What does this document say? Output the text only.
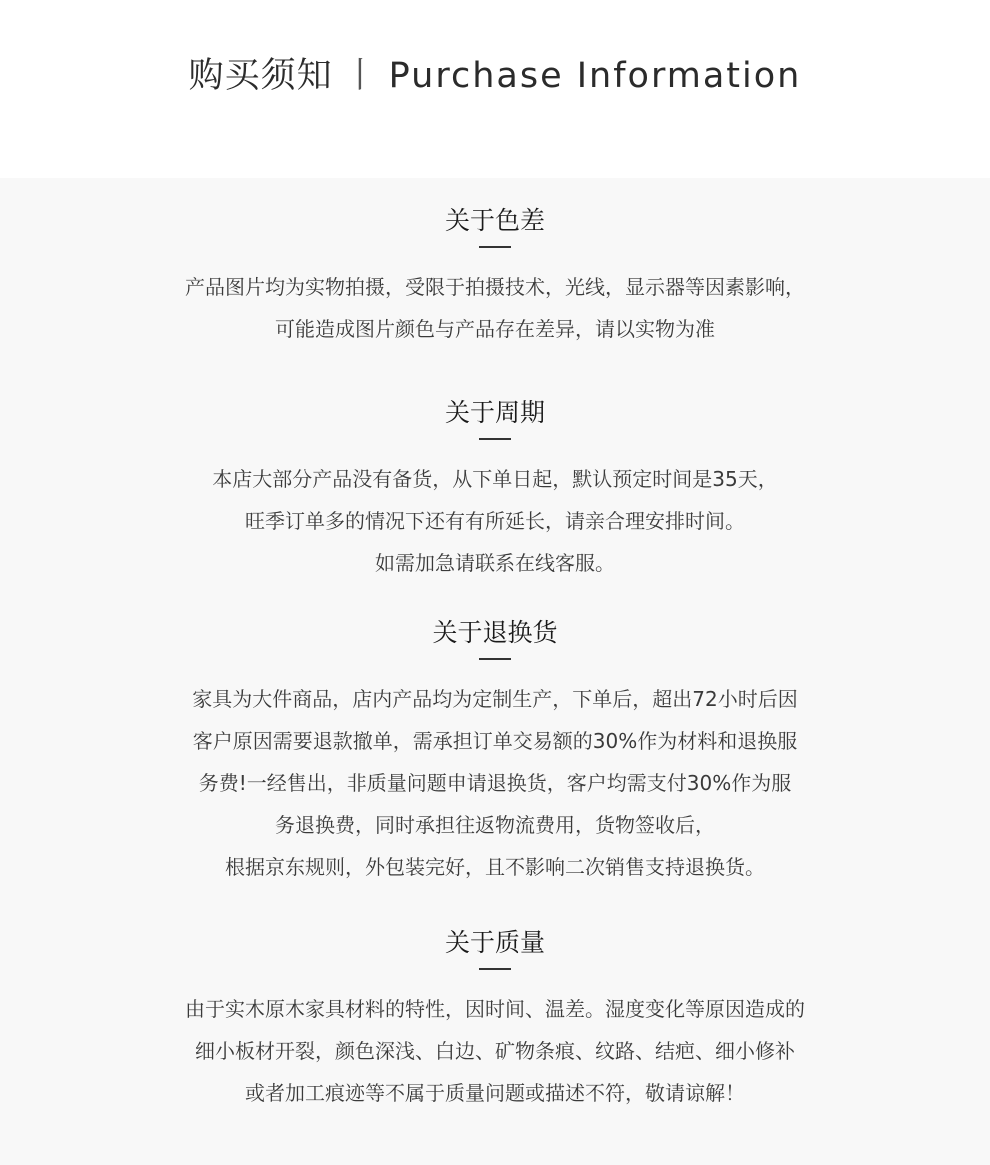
购买须知 丨 Purchase Information
关于色差
产品图片均为实物拍摄，受限于拍摄技术，光线，显示器等因素影响，
可能造成图片颜色与产品存在差异，请以实物为准
关于周期
本店大部分产品没有备货，从下单日起，默认预定时间是35天，
旺季订单多的情况下还有有所延长，请亲合理安排时间。
如需加急请联系在线客服。
关于退换货
家具为大件商品，店内产品均为定制生产，下单后，超出72小时后因
客户原因需要退款撤单，需承担订单交易额的30%作为材料和退换服
务费!一经售出，非质量问题申请退换货，客户均需支付30%作为服
务退换费，同时承担往返物流费用，货物签收后，
根据京东规则，外包装完好，且不影响二次销售支持退换货。
关于质量
由于实木原木家具材料的特性，因时间、温差。湿度变化等原因造成的
细小板材开裂，颜色深浅、白边、矿物条痕、纹路、结疤、细小修补
或者加工痕迹等不属于质量问题或描述不符，敬请谅解！
